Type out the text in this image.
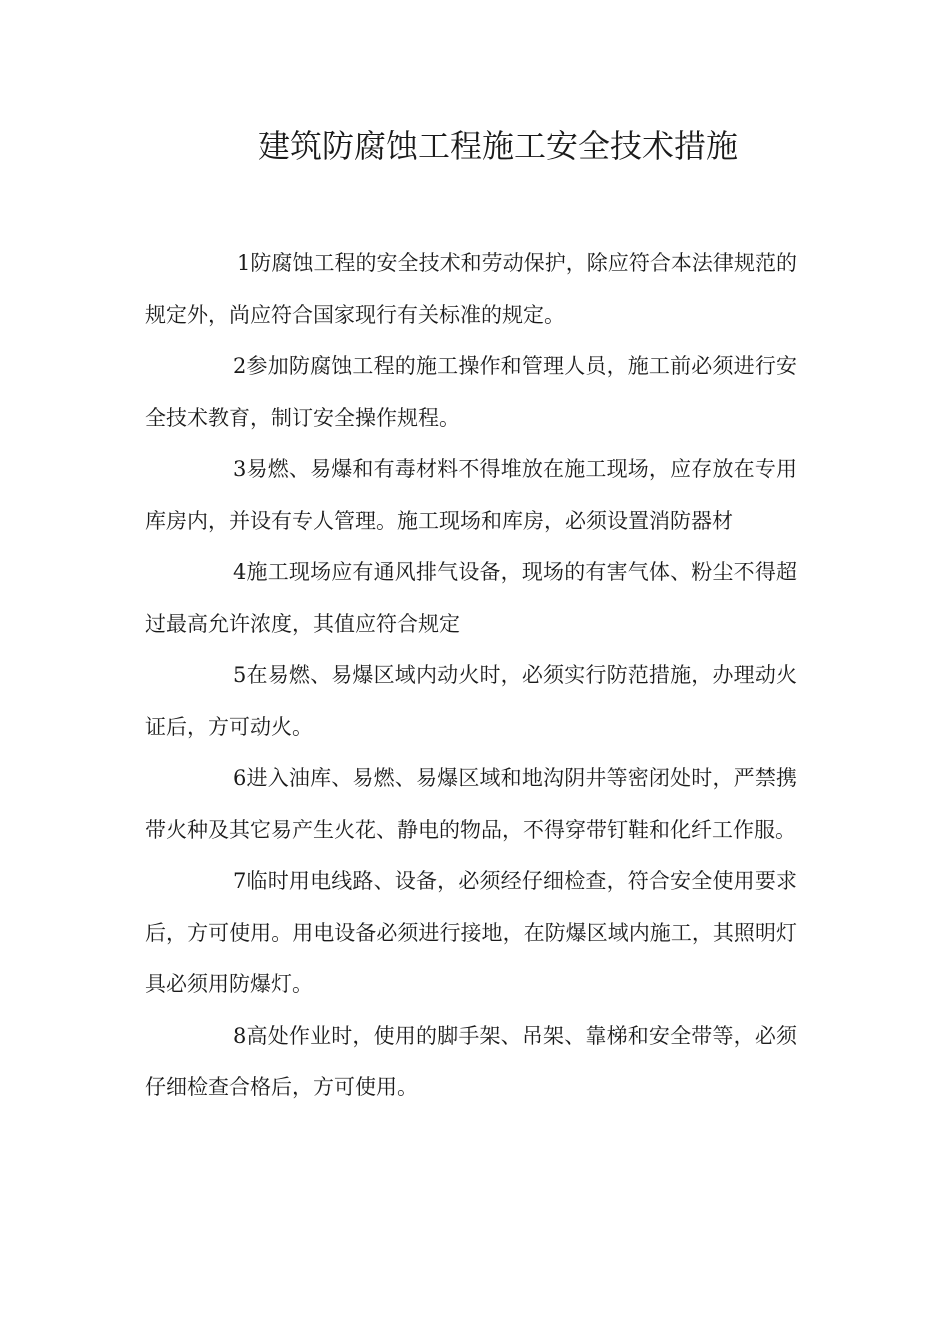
建筑防腐蚀工程施工安全技术措施

1防腐蚀工程的安全技术和劳动保护，除应符合本法律规范的规定外，尚应符合国家现行有关标准的规定。

2参加防腐蚀工程的施工操作和管理人员，施工前必须进行安全技术教育，制订安全操作规程。

3易燃、易爆和有毒材料不得堆放在施工现场，应存放在专用库房内，并设有专人管理。施工现场和库房，必须设置消防器材

4施工现场应有通风排气设备，现场的有害气体、粉尘不得超过最高允许浓度，其值应符合规定

5在易燃、易爆区域内动火时，必须实行防范措施，办理动火证后，方可动火。

6进入油库、易燃、易爆区域和地沟阴井等密闭处时，严禁携带火种及其它易产生火花、静电的物品，不得穿带钉鞋和化纤工作服。

7临时用电线路、设备，必须经仔细检查，符合安全使用要求后，方可使用。用电设备必须进行接地，在防爆区域内施工，其照明灯具必须用防爆灯。

8高处作业时，使用的脚手架、吊架、靠梯和安全带等，必须仔细检查合格后，方可使用。
